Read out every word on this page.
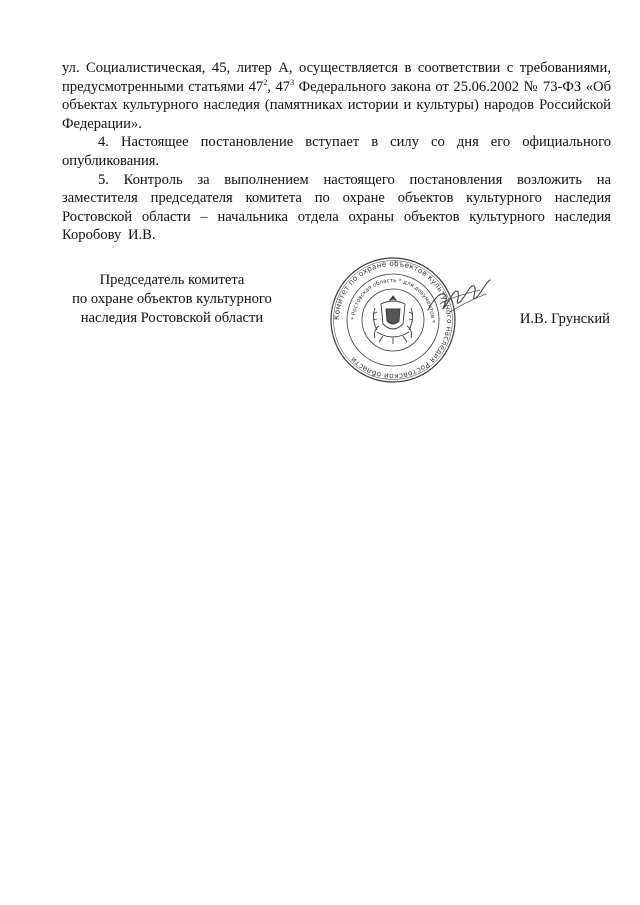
ул. Социалистическая, 45, литер А, осуществляется в соответствии с требованиями, предусмотренными статьями $47^2$, $47^3$ Федерального закона от 25.06.2002 № 73-ФЗ «Об объектах культурного наследия (памятниках истории и культуры) народов Российской Федерации».

4. Настоящее постановление вступает в силу со дня его официального опубликования.

5. Контроль за выполнением настоящего постановления возложить на заместителя председателя комитета по охране объектов культурного наследия Ростовской области – начальника отдела охраны объектов культурного наследия Коробову И.В.

Председатель комитета
по охране объектов культурного
наследия Ростовской области	Комитет по охране объектов культурного наследия Ростовской области
* Ростовская область * для документов *	И.В. Грунский
